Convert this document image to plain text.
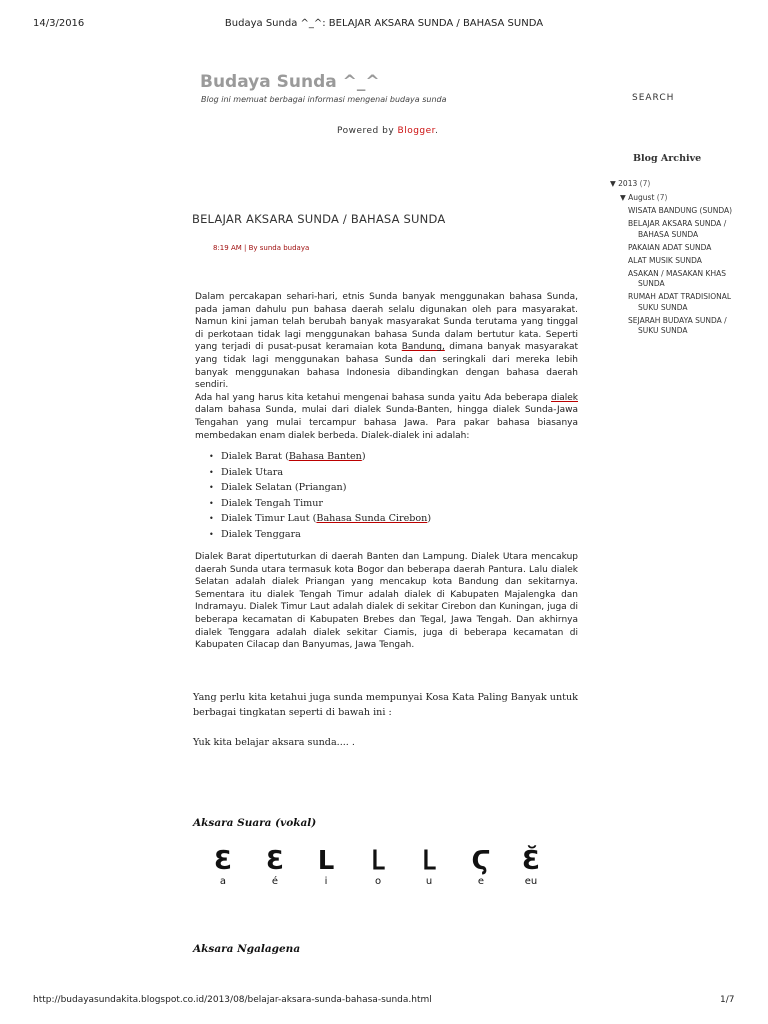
14/3/2016	Budaya Sunda ^_^: BELAJAR AKSARA SUNDA / BAHASA SUNDA
Budaya Sunda ^_^
Blog ini memuat berbagai informasi mengenai budaya sunda	SEARCH
Powered by Blogger.
BELAJAR AKSARA SUNDA / BAHASA SUNDA
8:19 AM | By sunda budaya
Dalam percakapan sehari-hari, etnis Sunda banyak menggunakan bahasa Sunda, pada jaman dahulu pun bahasa daerah selalu digunakan oleh para masyarakat. Namun kini jaman telah berubah banyak masyarakat Sunda terutama yang tinggal di perkotaan tidak lagi menggunakan bahasa Sunda dalam bertutur kata. Seperti yang terjadi di pusat-pusat keramaian kota Bandung, dimana banyak masyarakat yang tidak lagi menggunakan bahasa Sunda dan seringkali dari mereka lebih banyak menggunakan bahasa Indonesia dibandingkan dengan bahasa daerah sendiri.
Ada hal yang harus kita ketahui mengenai bahasa sunda yaitu Ada beberapa dialek dalam bahasa Sunda, mulai dari dialek Sunda-Banten, hingga dialek Sunda-Jawa Tengahan yang mulai tercampur bahasa Jawa. Para pakar bahasa biasanya membedakan enam dialek berbeda. Dialek-dialek ini adalah:
• Dialek Barat (Bahasa Banten)
• Dialek Utara
• Dialek Selatan (Priangan)
• Dialek Tengah Timur
• Dialek Timur Laut (Bahasa Sunda Cirebon)
• Dialek Tenggara
Dialek Barat dipertuturkan di daerah Banten dan Lampung. Dialek Utara mencakup daerah Sunda utara termasuk kota Bogor dan beberapa daerah Pantura. Lalu dialek Selatan adalah dialek Priangan yang mencakup kota Bandung dan sekitarnya. Sementara itu dialek Tengah Timur adalah dialek di Kabupaten Majalengka dan Indramayu. Dialek Timur Laut adalah dialek di sekitar Cirebon dan Kuningan, juga di beberapa kecamatan di Kabupaten Brebes dan Tegal, Jawa Tengah. Dan akhirnya dialek Tenggara adalah dialek sekitar Ciamis, juga di beberapa kecamatan di Kabupaten Cilacap dan Banyumas, Jawa Tengah.
Yang perlu kita ketahui juga sunda mempunyai Kosa Kata Paling Banyak untuk berbagai tingkatan seperti di bawah ini :
Yuk kita belajar aksara sunda.... .
Aksara Suara (vokal)
Ɛ
a
Ɛ
é
Ⅼ
i
Ⳑ
o
Ⳑ
u
Ϛ
e
Ɛ̆
eu
Aksara Ngalagena
Blog Archive
▼ 2013 (7)
▼ August (7)
WISATA BANDUNG (SUNDA)
BELAJAR AKSARA SUNDA / BAHASA SUNDA
PAKAIAN ADAT SUNDA
ALAT MUSIK SUNDA
ASAKAN / MASAKAN KHAS SUNDA
RUMAH ADAT TRADISIONAL SUKU SUNDA
SEJARAH BUDAYA SUNDA / SUKU SUNDA
http://budayasundakita.blogspot.co.id/2013/08/belajar-aksara-sunda-bahasa-sunda.html	1/7
